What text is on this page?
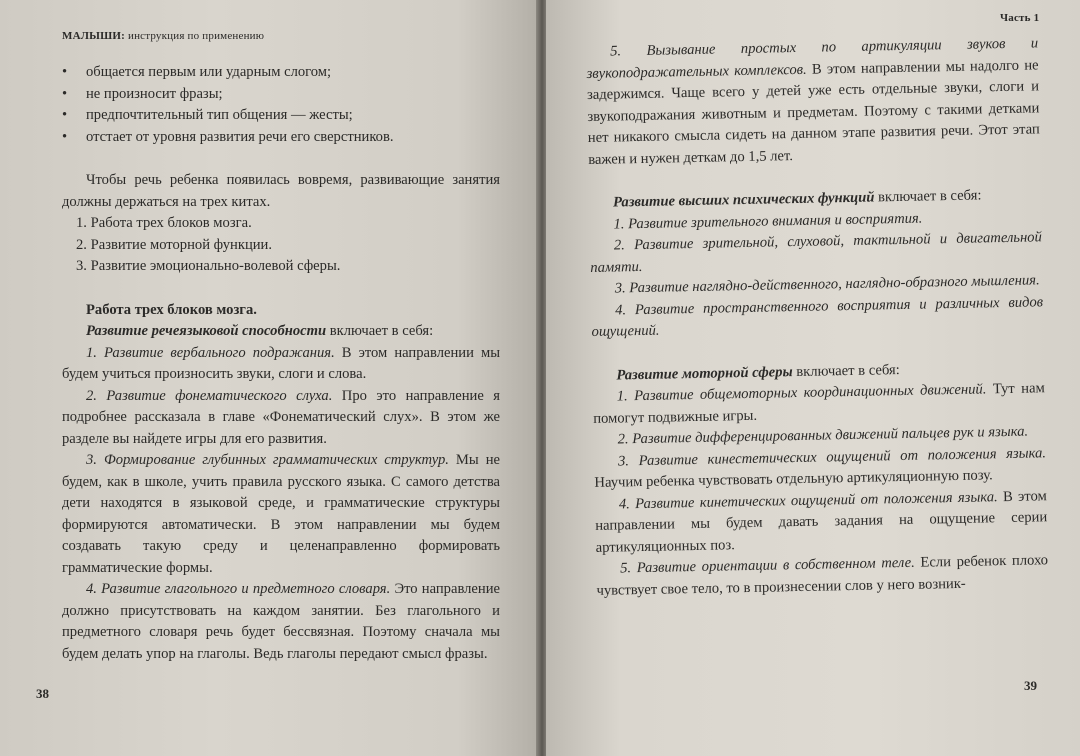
МАЛЫШИ: инструкция по применению
• общается первым или ударным слогом;
• не произносит фразы;
• предпочтительный тип общения — жесты;
• отстает от уровня развития речи его сверстников.

Чтобы речь ребенка появилась вовремя, развивающие занятия должны держаться на трех китах.

1. Работа трех блоков мозга.
2. Развитие моторной функции.
3. Развитие эмоционально-волевой сферы.

Работа трех блоков мозга.

Развитие речеязыковой способности включает в себя:

1. Развитие вербального подражания. В этом направлении мы будем учиться произносить звуки, слоги и слова.

2. Развитие фонематического слуха. Про это направление я подробнее рассказала в главе «Фонематический слух». В этом же разделе вы найдете игры для его развития.

3. Формирование глубинных грамматических структур. Мы не будем, как в школе, учить правила русского языка. С самого детства дети находятся в языковой среде, и грамматические структуры формируются автоматически. В этом направлении мы будем создавать такую среду и целенаправленно формировать грамматические формы.

4. Развитие глагольного и предметного словаря. Это направление должно присутствовать на каждом занятии. Без глагольного и предметного словаря речь будет бессвязная. Поэтому сначала мы будем делать упор на глаголы. Ведь глаголы передают смысл фразы.

38
Часть 1

5. Вызывание простых по артикуляции звуков и звукоподражательных комплексов. В этом направлении мы надолго не задержимся. Чаще всего у детей уже есть отдельные звуки, слоги и звукоподражания животным и предметам. Поэтому с такими детками нет никакого смысла сидеть на данном этапе развития речи. Этот этап важен и нужен деткам до 1,5 лет.

Развитие высших психических функций включает в себя:

1. Развитие зрительного внимания и восприятия.

2. Развитие зрительной, слуховой, тактильной и двигательной памяти.

3. Развитие наглядно-действенного, наглядно-образного мышления.

4. Развитие пространственного восприятия и различных видов ощущений.

Развитие моторной сферы включает в себя:

1. Развитие общемоторных координационных движений. Тут нам помогут подвижные игры.

2. Развитие дифференцированных движений пальцев рук и языка.

3. Развитие кинестетических ощущений от положения языка. Научим ребенка чувствовать отдельную артикуляционную позу.

4. Развитие кинетических ощущений от положения языка. В этом направлении мы будем давать задания на ощущение серии артикуляционных поз.

5. Развитие ориентации в собственном теле. Если ребенок плохо чувствует свое тело, то в произнесении слов у него возник-

39
